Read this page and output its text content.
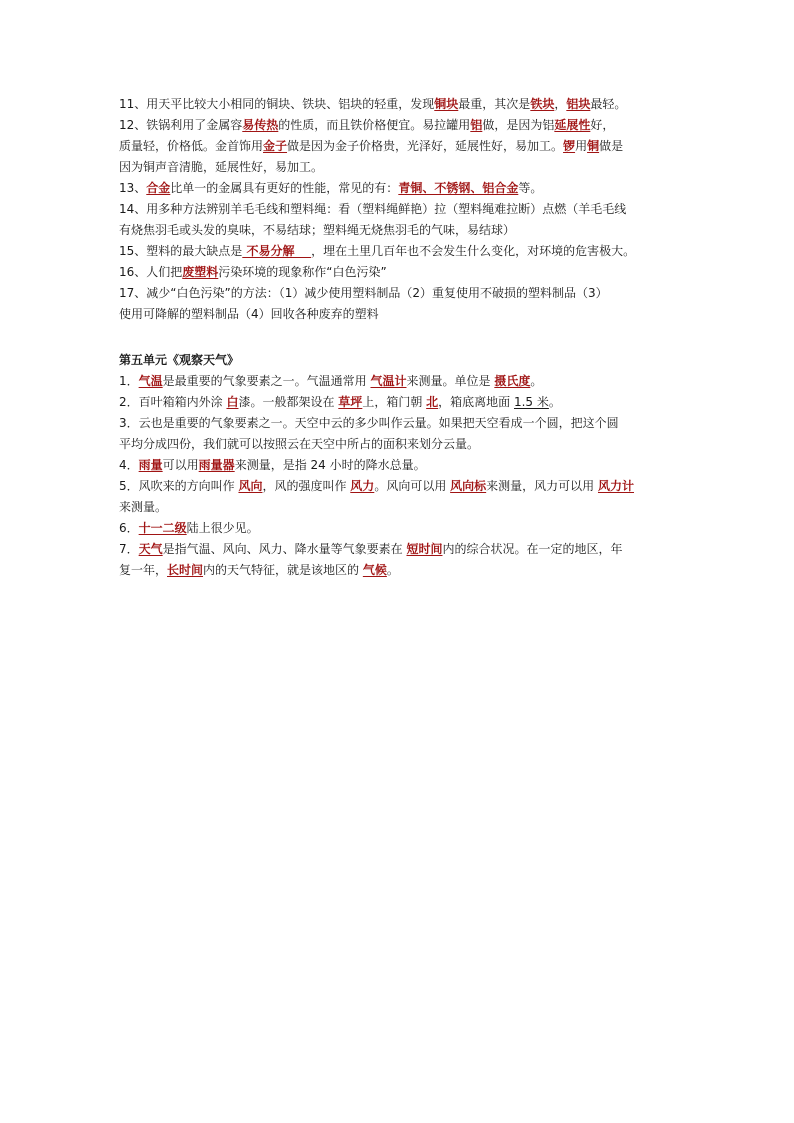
11、用天平比较大小相同的铜块、铁块、铝块的轻重，发现铜块最重，其次是铁块，铝块最轻。
12、铁锅利用了金属容易传热的性质，而且铁价格便宜。易拉罐用铝做，是因为铝延展性好，
质量轻，价格低。金首饰用金子做是因为金子价格贵，光泽好，延展性好，易加工。锣用铜做是
因为铜声音清脆，延展性好，易加工。
13、合金比单一的金属具有更好的性能，常见的有：青铜、不锈钢、铝合金等。
14、用多种方法辨别羊毛毛线和塑料绳：看（塑料绳鲜艳）拉（塑料绳难拉断）点燃（羊毛毛线
有烧焦羽毛或头发的臭味，不易结球；塑料绳无烧焦羽毛的气味，易结球）
15、塑料的最大缺点是 不易分解    ，埋在土里几百年也不会发生什么变化，对环境的危害极大。
16、人们把废塑料污染环境的现象称作“白色污染”
17、减少“白色污染”的方法：（1）减少使用塑料制品（2）重复使用不破损的塑料制品（3）
使用可降解的塑料制品（4）回收各种废弃的塑料
第五单元《观察天气》
1．气温是最重要的气象要素之一。气温通常用 气温计来测量。单位是 摄氏度。
2．百叶箱箱内外涂 白漆。一般都架设在 草坪上，箱门朝 北，箱底离地面 1.5 米。
3．云也是重要的气象要素之一。天空中云的多少叫作云量。如果把天空看成一个圆，把这个圆
平均分成四份，我们就可以按照云在天空中所占的面积来划分云量。
4．雨量可以用雨量器来测量，是指 24 小时的降水总量。
5．风吹来的方向叫作 风向，风的强度叫作 风力。风向可以用 风向标来测量，风力可以用 风力计
来测量。
6．十一二级陆上很少见。
7．天气是指气温、风向、风力、降水量等气象要素在 短时间内的综合状况。在一定的地区，年
复一年，长时间内的天气特征，就是该地区的 气候。
